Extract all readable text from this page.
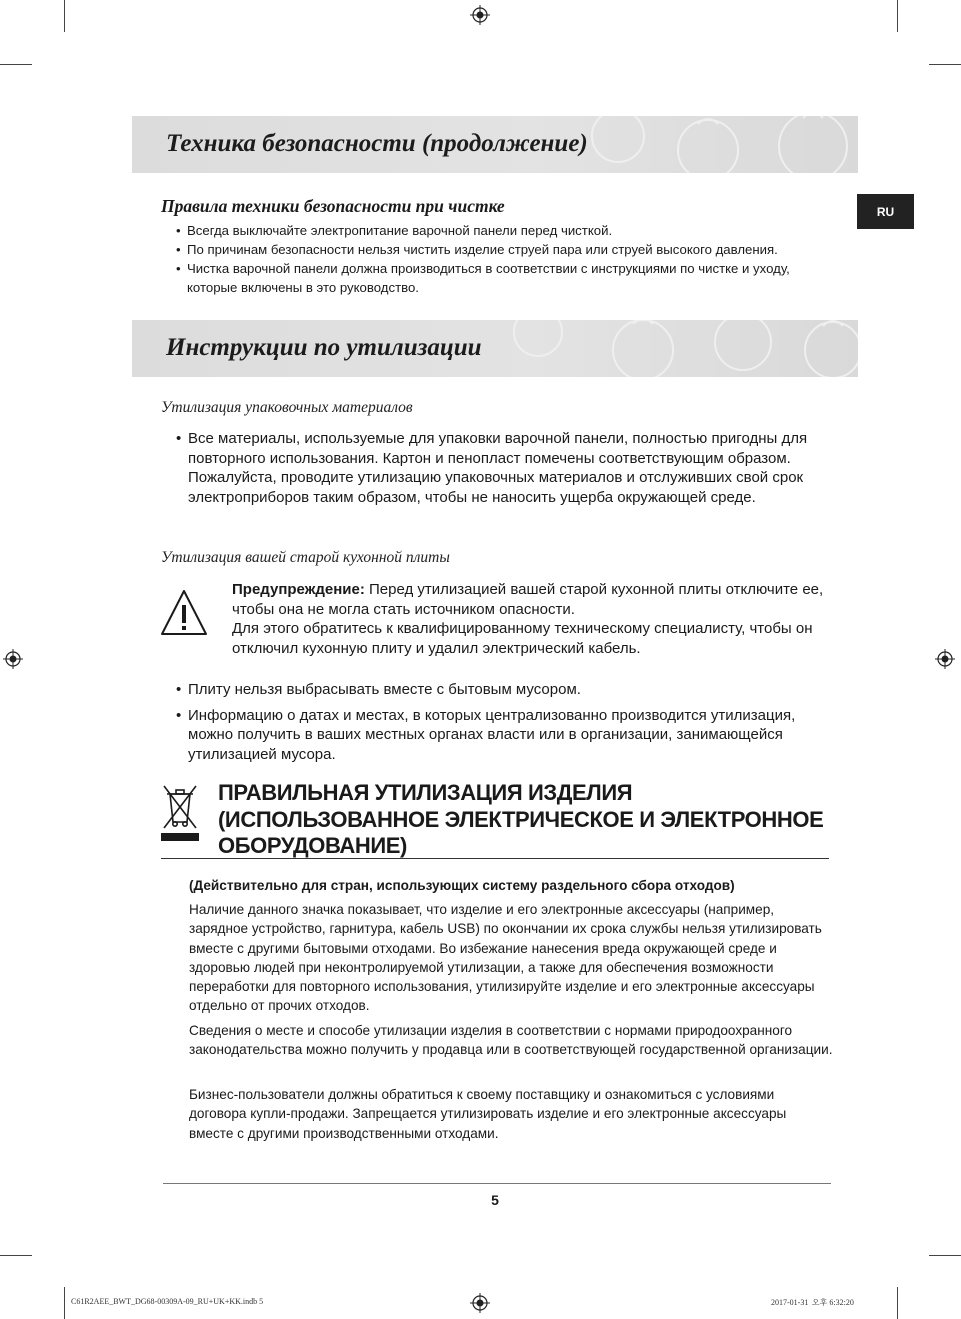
RU
Техника безопасности (продолжение)
Правила техники безопасности при чистке
• Всегда выключайте электропитание варочной панели перед чисткой.
• По причинам безопасности нельзя чистить изделие струей пара или струей высокого давления.
• Чистка варочной панели должна производиться в соответствии с инструкциями по чистке и уходу, которые включены в это руководство.
Инструкции по утилизации
Утилизация упаковочных материалов
• Все материалы, используемые для упаковки варочной панели, полностью пригодны для повторного использования. Картон и пенопласт помечены соответствующим образом. Пожалуйста, проводите утилизацию упаковочных материалов и отслуживших свой срок электроприборов таким образом, чтобы не наносить ущерба окружающей среде.
Утилизация вашей старой кухонной плиты
Предупреждение: Перед утилизацией вашей старой кухонной плиты отключите ее, чтобы она не могла стать источником опасности.
Для этого обратитесь к квалифицированному техническому специалисту, чтобы он отключил кухонную плиту и удалил электрический кабель.
• Плиту нельзя выбрасывать вместе с бытовым мусором.
• Информацию о датах и местах, в которых централизованно производится утилизация, можно получить в ваших местных органах власти или в организации, занимающейся утилизацией мусора.
ПРАВИЛЬНАЯ УТИЛИЗАЦИЯ ИЗДЕЛИЯ (ИСПОЛЬЗОВАННОЕ ЭЛЕКТРИЧЕСКОЕ И ЭЛЕКТРОННОЕ ОБОРУДОВАНИЕ)
(Действительно для стран, использующих систему раздельного сбора отходов)
Наличие данного значка показывает, что изделие и его электронные аксессуары (например, зарядное устройство, гарнитура, кабель USB) по окончании их срока службы нельзя утилизировать вместе с другими бытовыми отходами. Во избежание нанесения вреда окружающей среде и здоровью людей при неконтролируемой утилизации, а также для обеспечения возможности переработки для повторного использования, утилизируйте изделие и его электронные аксессуары отдельно от прочих отходов.
Сведения о месте и способе утилизации изделия в соответствии с нормами природоохранного законодательства можно получить у продавца или в соответствующей государственной организации.
Бизнес-пользователи должны обратиться к своему поставщику и ознакомиться с условиями договора купли-продажи. Запрещается утилизировать изделие и его электронные аксессуары вместе с другими производственными отходами.
5
C61R2AEE_BWT_DG68-00309A-09_RU+UK+KK.indb 5	2017-01-31  오후 6:32:20
